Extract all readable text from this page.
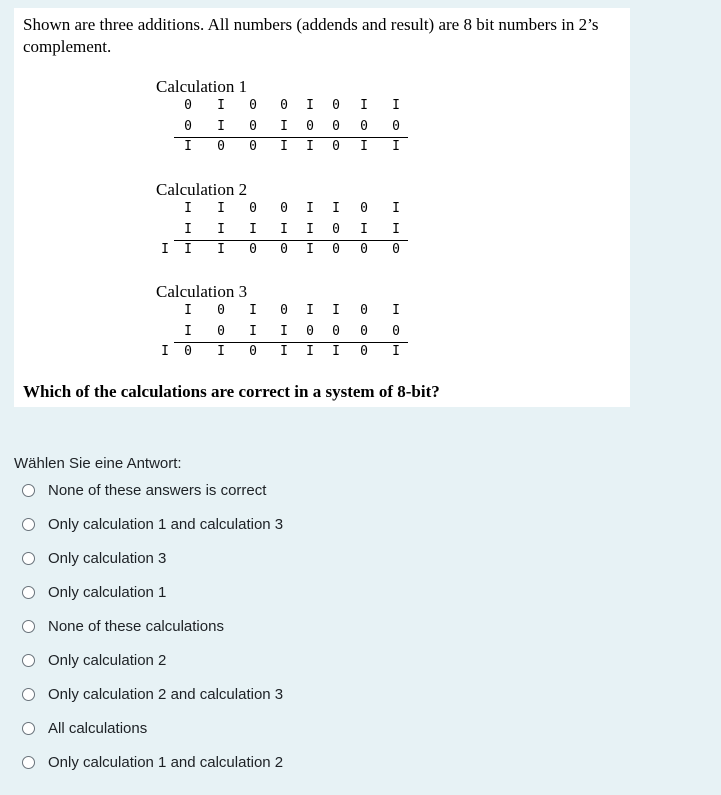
Shown are three additions. All numbers (addends and result) are 8 bit numbers in 2’s complement.

Calculation 1
0	I	0	0	I	0	I	I
0	I	0	I	0	0	0	0
I	0	0	I	I	0	I	I
Calculation 2
I	I	0	0	I	I	0	I
I	I	I	I	I	0	I	I
I	I	I	0	0	I	0	0	0
Calculation 3
I	0	I	0	I	I	0	I
I	0	I	I	0	0	0	0
I	0	I	0	I	I	I	0	I
Which of the calculations are correct in a system of 8-bit?
Wählen Sie eine Antwort:
None of these answers is correct
Only calculation 1 and calculation 3
Only calculation 3
Only calculation 1
None of these calculations
Only calculation 2
Only calculation 2 and calculation 3
All calculations
Only calculation 1 and calculation 2
